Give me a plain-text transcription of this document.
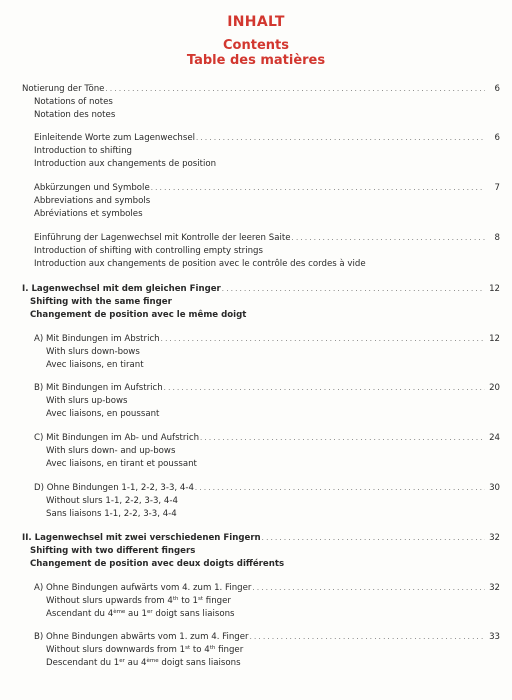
INHALT
Contents
Table des matières
Notierung der Töne . . .	6
Notations of notes
Notation des notes
Einleitende Worte zum Lagenwechsel . . .	6
Introduction to shifting
Introduction aux changements de position
Abkürzungen und Symbole . . .	7
Abbreviations and symbols
Abréviations et symboles
Einführung der Lagenwechsel mit Kontrolle der leeren Saite . . .	8
Introduction of shifting with controlling empty strings
Introduction aux changements de position avec le contrôle des cordes à vide
I. Lagenwechsel mit dem gleichen Finger . . .	12
Shifting with the same finger
Changement de position avec le même doigt
A) Mit Bindungen im Abstrich . . .	12
With slurs down-bows
Avec liaisons, en tirant
B) Mit Bindungen im Aufstrich . . .	20
With slurs up-bows
Avec liaisons, en poussant
C) Mit Bindungen im Ab- und Aufstrich . . .	24
With slurs down- and up-bows
Avec liaisons, en tirant et poussant
D) Ohne Bindungen 1-1, 2-2, 3-3, 4-4 . . .	30
Without slurs 1-1, 2-2, 3-3, 4-4
Sans liaisons 1-1, 2-2, 3-3, 4-4
II. Lagenwechsel mit zwei verschiedenen Fingern . . .	32
Shifting with two different fingers
Changement de position avec deux doigts différents
A) Ohne Bindungen aufwärts vom 4. zum 1. Finger . . .	32
Without slurs upwards from 4th to 1st finger
Ascendant du 4ème au 1er doigt sans liaisons
B) Ohne Bindungen abwärts vom 1. zum 4. Finger . . .	33
Without slurs downwards from 1st to 4th finger
Descendant du 1er au 4ème doigt sans liaisons
